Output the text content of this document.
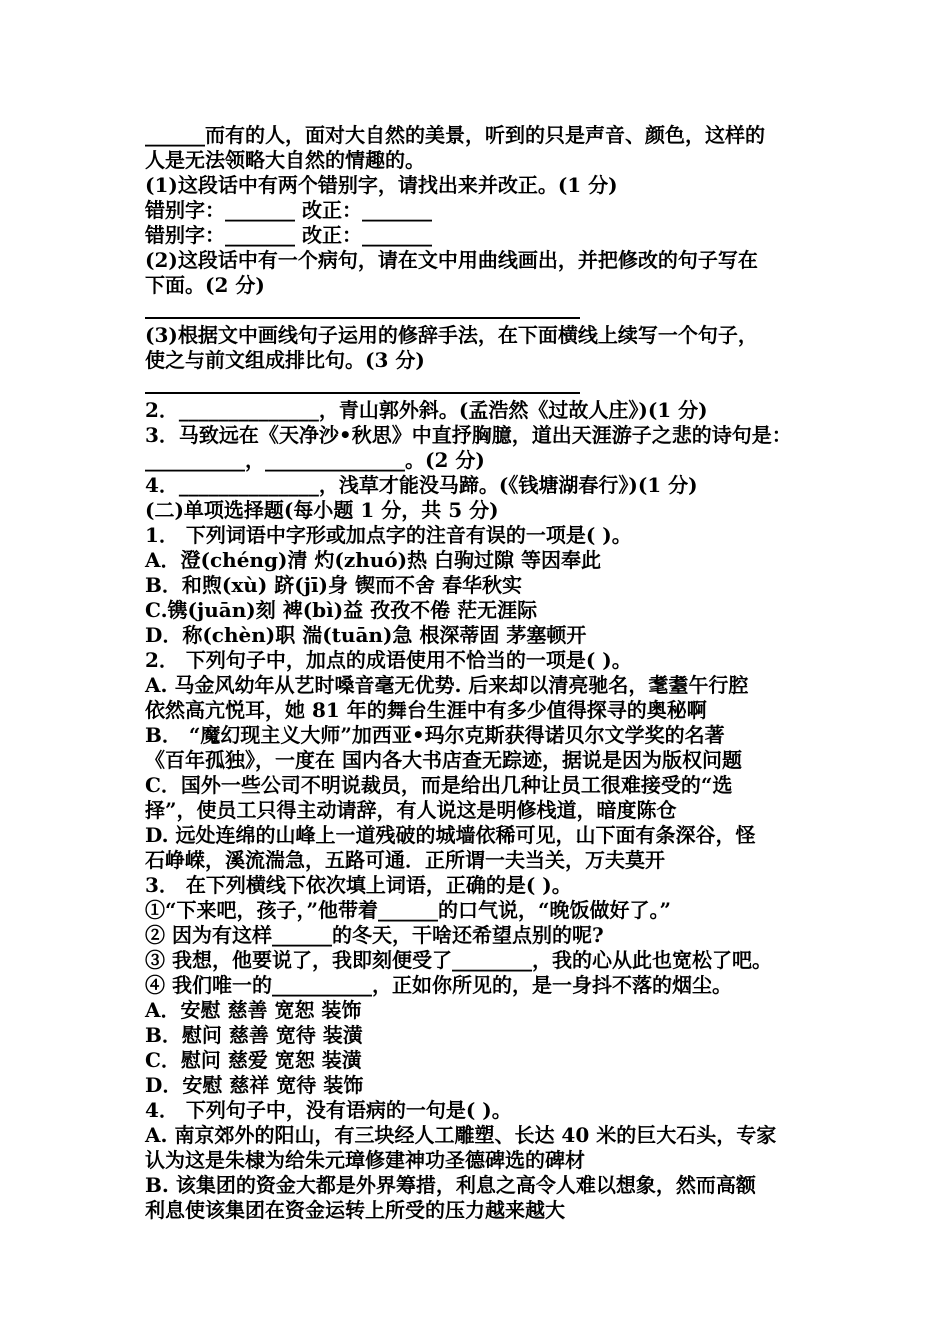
______而有的人，面对大自然的美景，听到的只是声音、颜色，这样的
人是无法领略大自然的情趣的。
(1)这段话中有两个错别字，请找出来并改正。(1 分)
错别字：_______ 改正：_______
错别字：_______ 改正：_______
(2)这段话中有一个病句，请在文中用曲线画出，并把修改的句子写在
下面。(2 分)
(3)根据文中画线句子运用的修辞手法，在下面横线上续写一个句子，
使之与前文组成排比句。(3 分)
2．______________，青山郭外斜。(孟浩然《过故人庄》)(1 分)
3．马致远在《天净沙•秋思》中直抒胸臆，道出天涯游子之悲的诗句是：
__________，______________。(2 分)
4．______________，浅草才能没马蹄。(《钱塘湖春行》)(1 分)
(二)单项选择题(每小题 1 分，共 5 分)
1． 下列词语中字形或加点字的注音有误的一项是( )。
A．澄(chéng)清 灼(zhuó)热 白驹过隙 等因奉此
B．和煦(xù) 跻(jī)身 锲而不舍 春华秋实
C.镌(juān)刻 裨(bì)益 孜孜不倦 茫无涯际
D．称(chèn)职 湍(tuān)急 根深蒂固 茅塞顿开
2． 下列句子中，加点的成语使用不恰当的一项是( )。
A. 马金风幼年从艺时嗓音毫无优势. 后来却以清亮驰名，耄耋午行腔
依然高亢悦耳，她 81 年的舞台生涯中有多少值得探寻的奥秘啊
B． “魔幻现主义大师”加西亚•玛尔克斯获得诺贝尔文学奖的名著
《百年孤独》，一度在 国内各大书店查无踪迹，据说是因为版权问题
C．国外一些公司不明说裁员，而是给出几种让员工很难接受的“选
择”，使员工只得主动请辞，有人说这是明修栈道，暗度陈仓
D. 远处连绵的山峰上一道残破的城墙依稀可见，山下面有条深谷，怪
石峥嵘，溪流湍急，五路可通．正所谓一夫当关，万夫莫开
3． 在下列横线下依次填上词语，正确的是( )。
①“下来吧，孩子，”他带着______的口气说，“晚饭做好了。”
② 因为有这样______的冬天，干啥还希望点别的呢?
③ 我想，他要说了，我即刻便受了________，我的心从此也宽松了吧。
④ 我们唯一的__________，正如你所见的，是一身抖不落的烟尘。
A．安慰 慈善 宽恕 装饰
B．慰问 慈善 宽待 装潢
C．慰问 慈爱 宽恕 装潢
D．安慰 慈祥 宽待 装饰
4． 下列句子中，没有语病的一句是( )。
A. 南京郊外的阳山，有三块经人工雕塑、长达 40 米的巨大石头，专家
认为这是朱棣为给朱元璋修建神功圣德碑选的碑材
B. 该集团的资金大都是外界筹措，利息之高令人难以想象，然而高额
利息使该集团在资金运转上所受的压力越来越大
